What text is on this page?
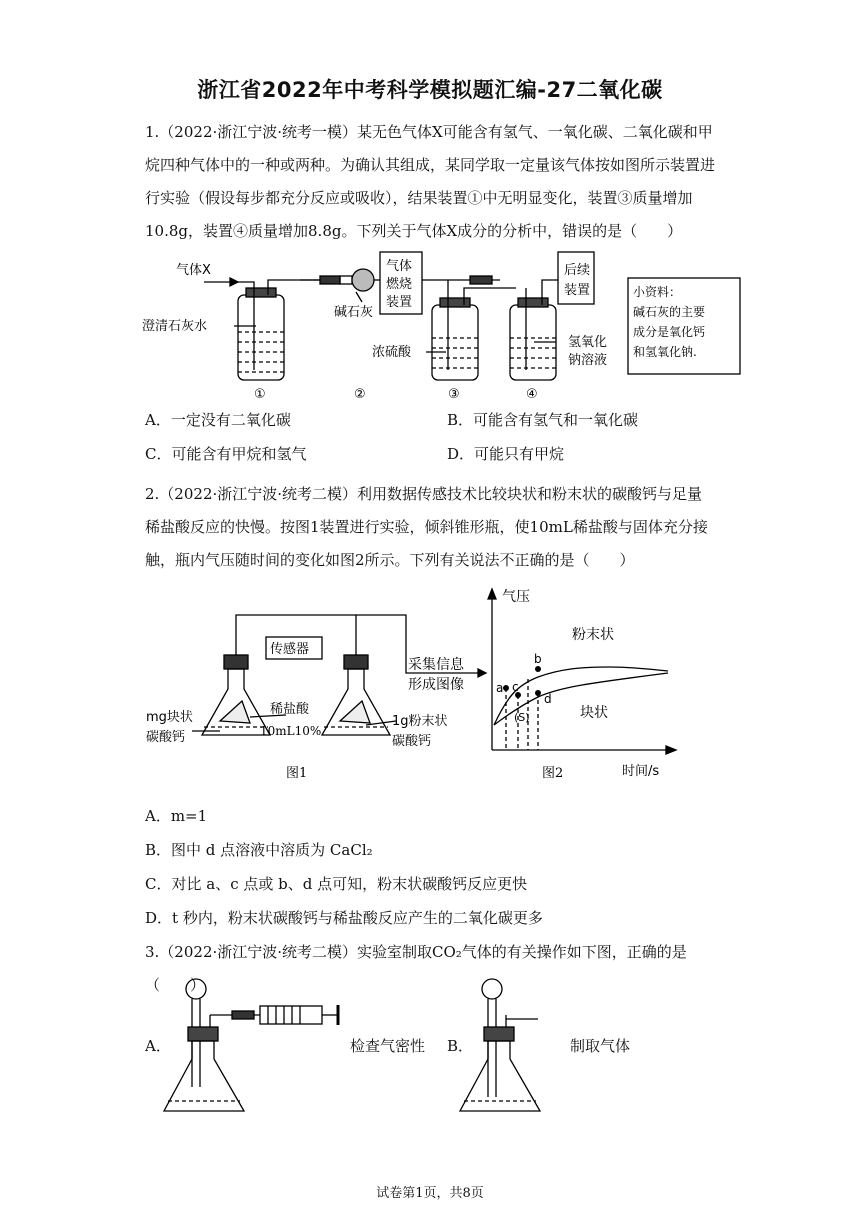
浙江省2022年中考科学模拟题汇编-27二氧化碳
1.（2022·浙江宁波·统考一模）某无色气体X可能含有氢气、一氧化碳、二氧化碳和甲烷四种气体中的一种或两种。为确认其组成，某同学取一定量该气体按如图所示装置进行实验（假设每步都充分反应或吸收），结果装置①中无明显变化，装置③质量增加10.8g，装置④质量增加8.8g。下列关于气体X成分的分析中，错误的是（　　）
气体X
澄清石灰水
碱石灰
气体
燃烧
装置
浓硫酸
氢氧化
钠溶液
后续
装置	小资料：
碱石灰的主要
成分是氧化钙
和氢氧化钠.
①	②	③	④
A．一定没有二氧化碳	B．可能含有氢气和一氧化碳
C．可能含有甲烷和氢气	D．可能只有甲烷
2.（2022·浙江宁波·统考二模）利用数据传感技术比较块状和粉末状的碳酸钙与足量稀盐酸反应的快慢。按图1装置进行实验，倾斜锥形瓶，使10mL稀盐酸与固体充分接触，瓶内气压随时间的变化如图2所示。下列有关说法不正确的是（　　）
传感器
采集信息
形成图像
mg块状
碳酸钙
稀盐酸
10mL10%
1g粉末状
碳酸钙
图1	图2
气压
时间/s
粉末状
块状
a
b
c
d
(S)
A．m=1
B．图中 d 点溶液中溶质为 CaCl₂
C．对比 a、c 点或 b、d 点可知，粉末状碳酸钙反应更快
D．t 秒内，粉末状碳酸钙与稀盐酸反应产生的二氧化碳更多
3.（2022·浙江宁波·统考二模）实验室制取CO₂气体的有关操作如下图，正确的是（　　）
A．	检查气密性 B．	制取气体
试卷第1页，共8页
